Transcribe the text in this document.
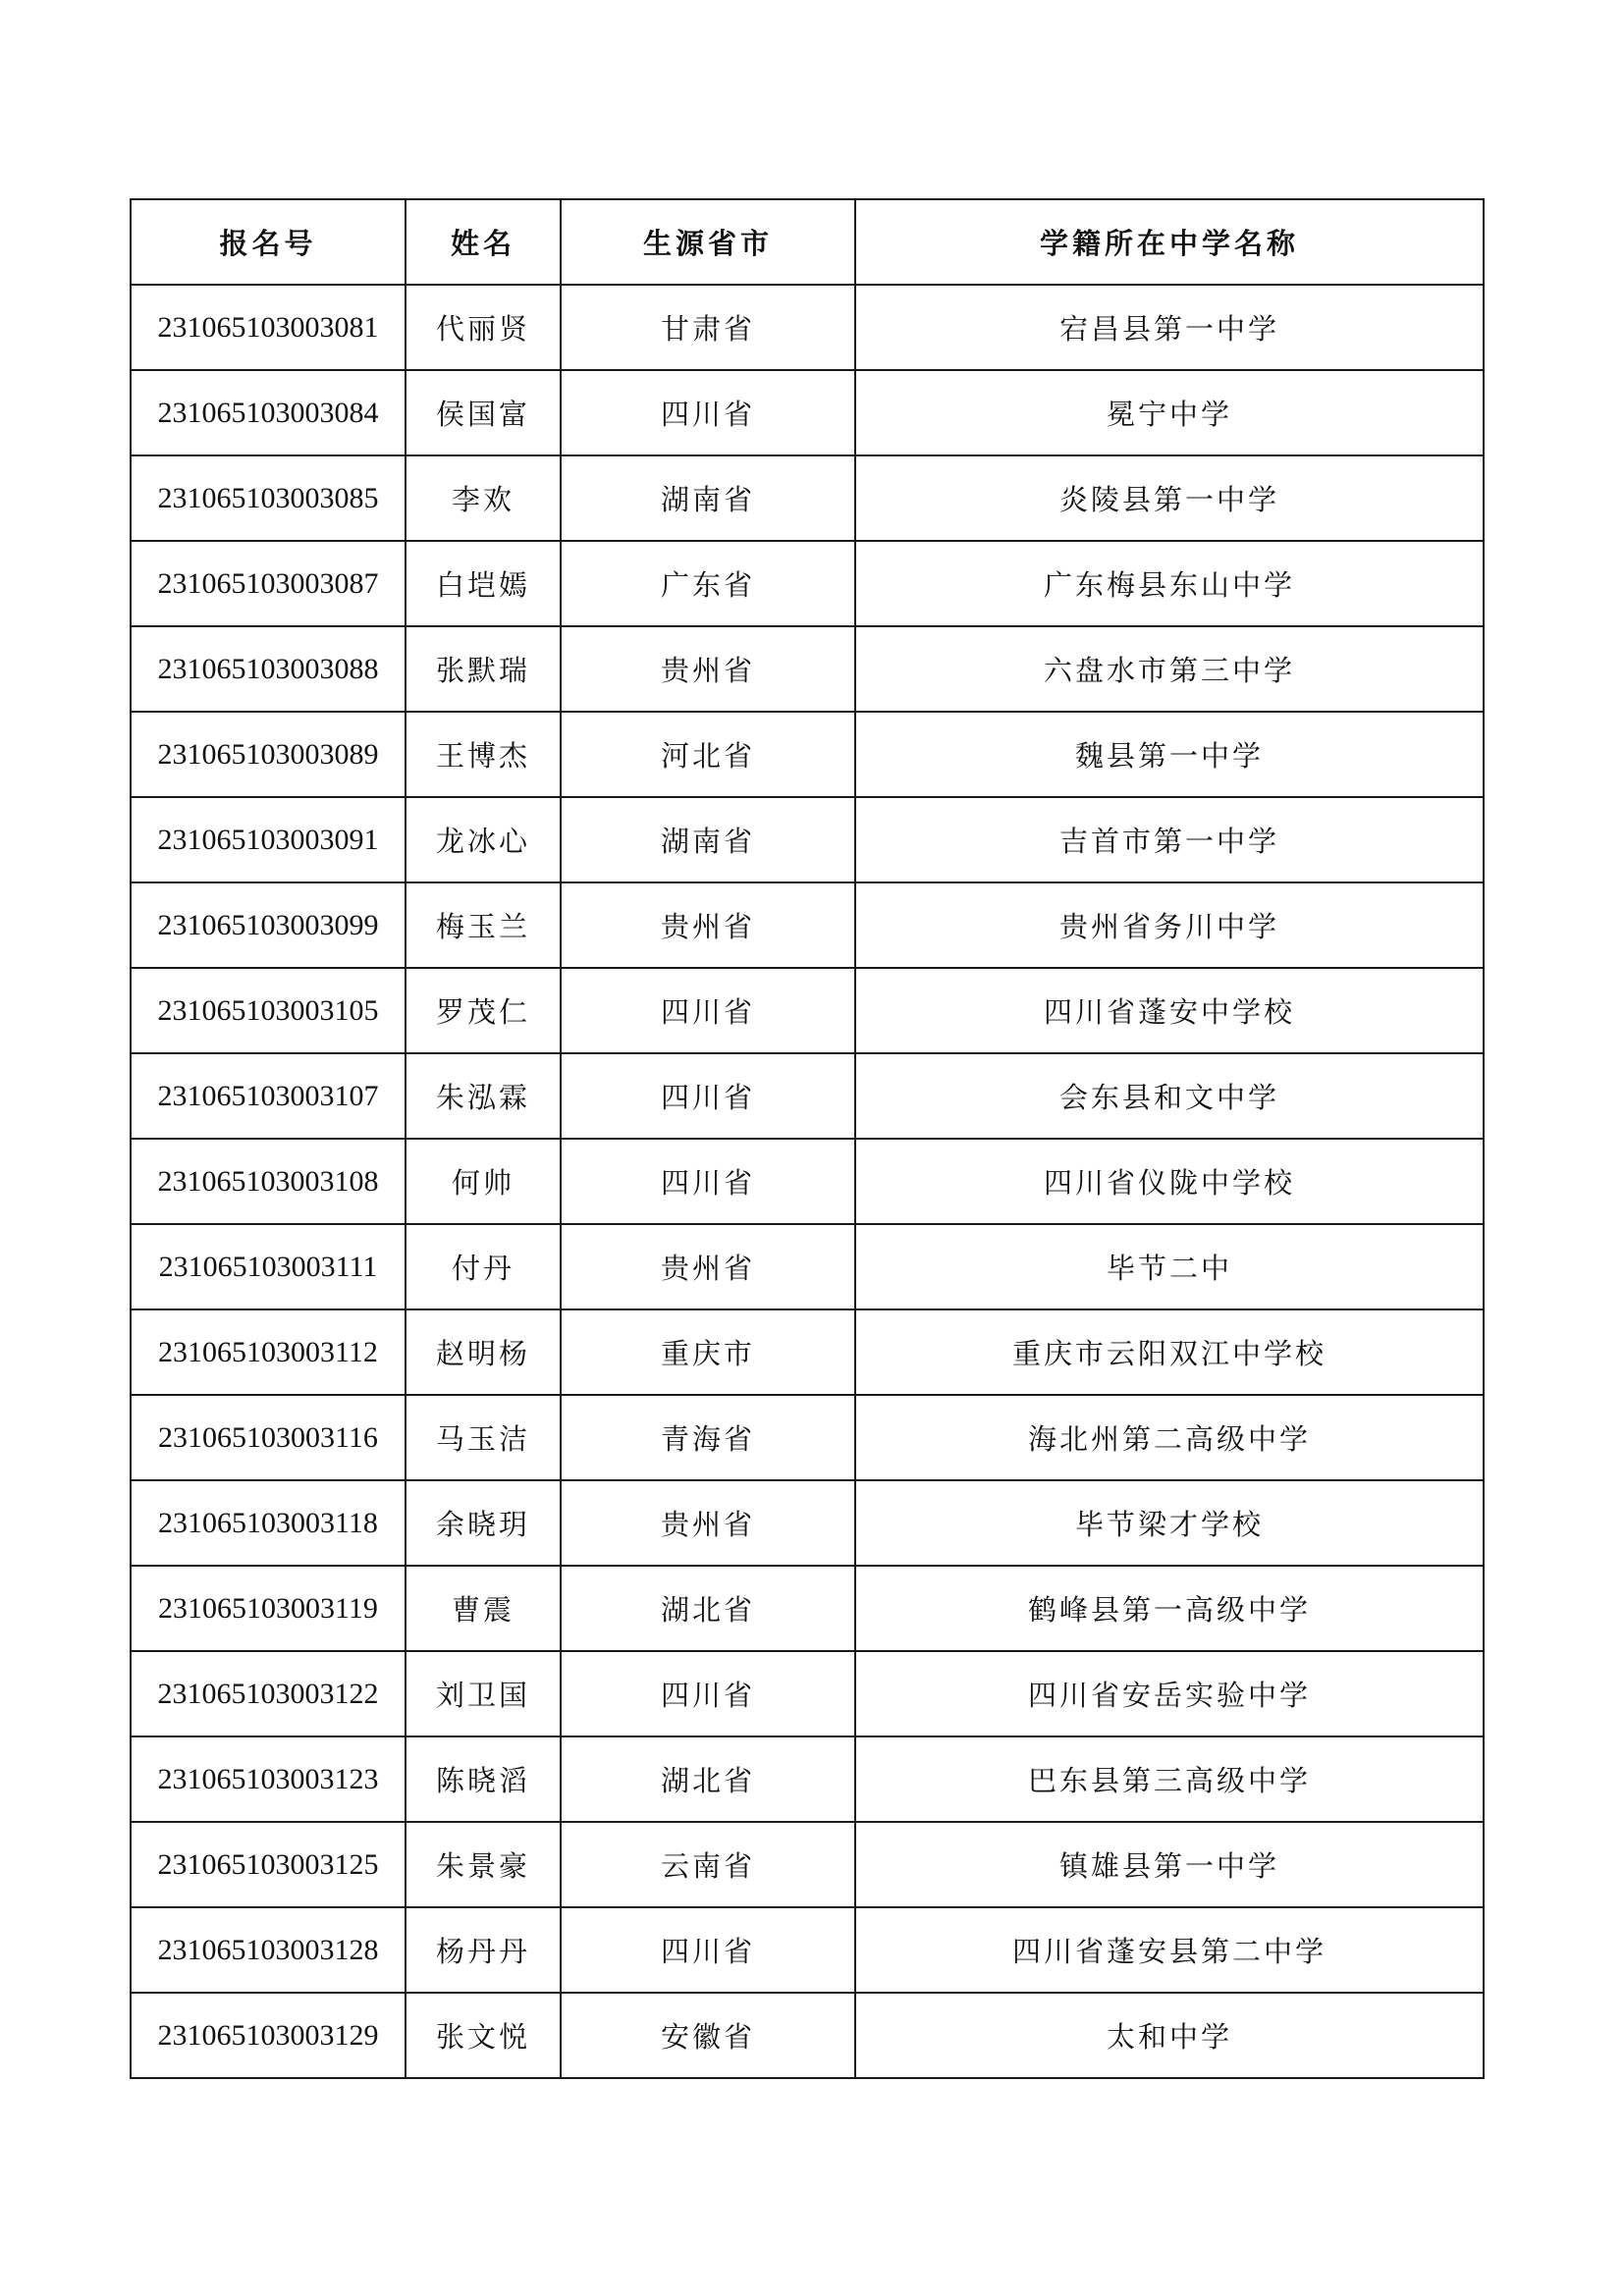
报名号	姓名	生源省市	学籍所在中学名称
231065103003081	代丽贤	甘肃省	宕昌县第一中学
231065103003084	侯国富	四川省	冕宁中学
231065103003085	李欢	湖南省	炎陵县第一中学
231065103003087	白垲嫣	广东省	广东梅县东山中学
231065103003088	张默瑞	贵州省	六盘水市第三中学
231065103003089	王博杰	河北省	魏县第一中学
231065103003091	龙冰心	湖南省	吉首市第一中学
231065103003099	梅玉兰	贵州省	贵州省务川中学
231065103003105	罗茂仁	四川省	四川省蓬安中学校
231065103003107	朱泓霖	四川省	会东县和文中学
231065103003108	何帅	四川省	四川省仪陇中学校
231065103003111	付丹	贵州省	毕节二中
231065103003112	赵明杨	重庆市	重庆市云阳双江中学校
231065103003116	马玉洁	青海省	海北州第二高级中学
231065103003118	余晓玥	贵州省	毕节梁才学校
231065103003119	曹震	湖北省	鹤峰县第一高级中学
231065103003122	刘卫国	四川省	四川省安岳实验中学
231065103003123	陈晓滔	湖北省	巴东县第三高级中学
231065103003125	朱景豪	云南省	镇雄县第一中学
231065103003128	杨丹丹	四川省	四川省蓬安县第二中学
231065103003129	张文悦	安徽省	太和中学
